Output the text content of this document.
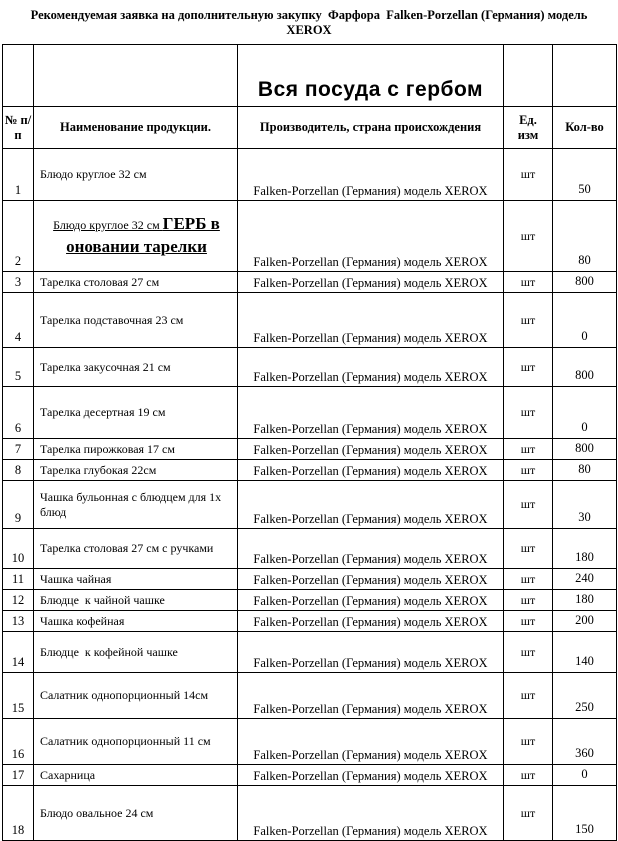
Рекомендуемая заявка на дополнительную закупку  Фарфора  Falken-Porzellan (Германия) модель
XEROX

		Вся посуда с гербом		

№ п/п	Наименование продукции.	Производитель, страна происхождения	Ед. изм	Кол-во

1	Блюдо круглое 32 см	Falken-Porzellan (Германия) модель XEROX	шт	50

2	Блюдо круглое 32 см ГЕРБ в оновании тарелки	Falken-Porzellan (Германия) модель XEROX	шт	80

3	Тарелка столовая 27 см	Falken-Porzellan (Германия) модель XEROX	шт	800

4	Тарелка подставочная 23 см	Falken-Porzellan (Германия) модель XEROX	шт	0

5	Тарелка закусочная 21 см	Falken-Porzellan (Германия) модель XEROX	шт	800

6	Тарелка десертная 19 см	Falken-Porzellan (Германия) модель XEROX	шт	0

7	Тарелка пирожковая 17 см	Falken-Porzellan (Германия) модель XEROX	шт	800

8	Тарелка глубокая 22см	Falken-Porzellan (Германия) модель XEROX	шт	80

9	Чашка бульонная с блюдцем для 1х блюд	Falken-Porzellan (Германия) модель XEROX	шт	30

10	Тарелка столовая 27 см с ручками	Falken-Porzellan (Германия) модель XEROX	шт	180

11	Чашка чайная	Falken-Porzellan (Германия) модель XEROX	шт	240

12	Блюдце  к чайной чашке	Falken-Porzellan (Германия) модель XEROX	шт	180

13	Чашка кофейная	Falken-Porzellan (Германия) модель XEROX	шт	200

14	Блюдце  к кофейной чашке	Falken-Porzellan (Германия) модель XEROX	шт	140

15	Салатник однопорционный 14см	Falken-Porzellan (Германия) модель XEROX	шт	250

16	Салатник однопорционный 11 см	Falken-Porzellan (Германия) модель XEROX	шт	360

17	Сахарница	Falken-Porzellan (Германия) модель XEROX	шт	0

18	Блюдо овальное 24 см	Falken-Porzellan (Германия) модель XEROX	шт	150
